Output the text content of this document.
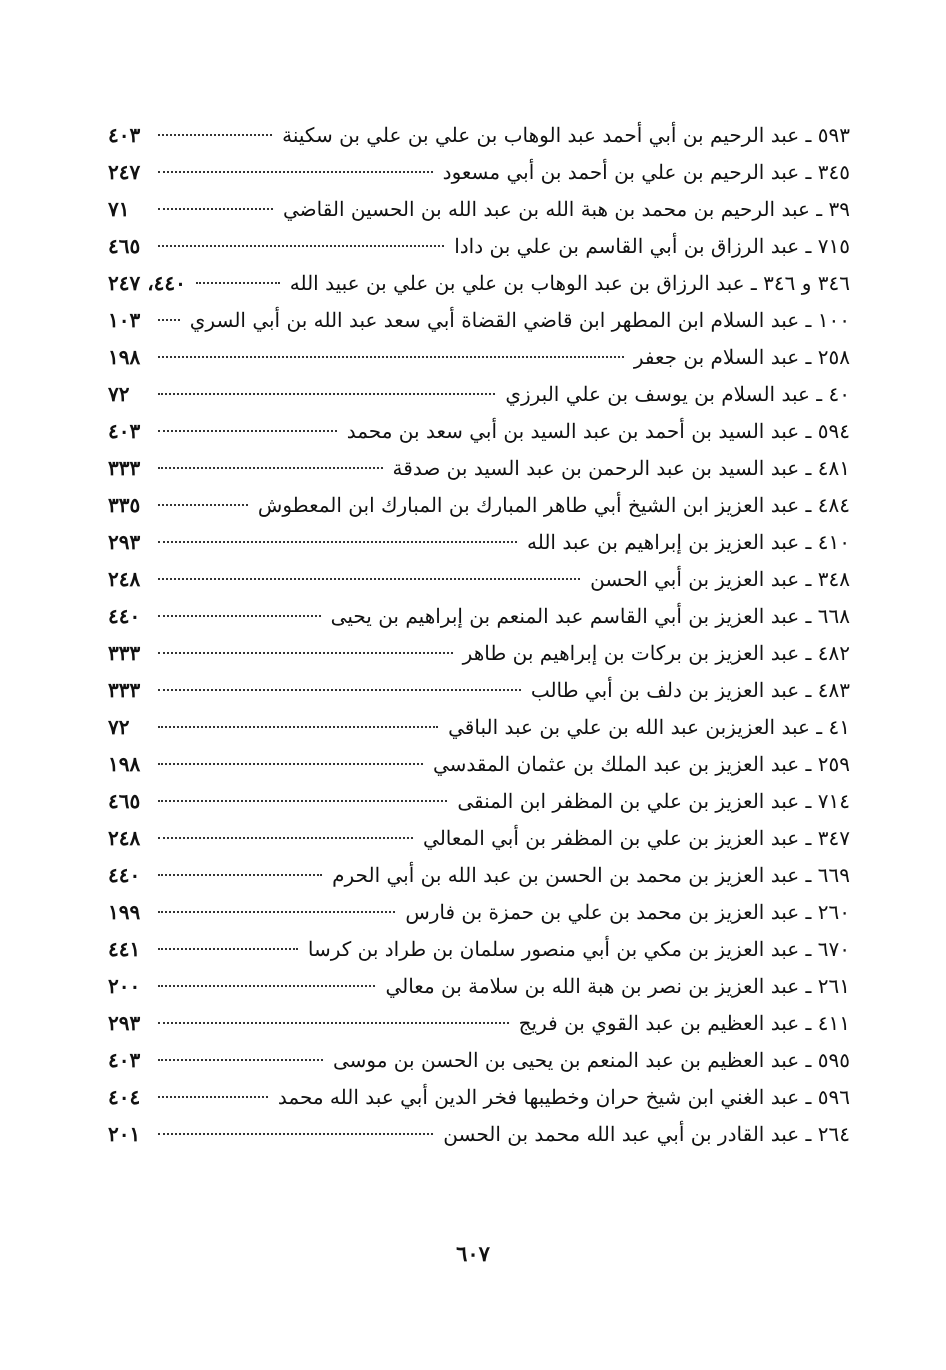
٥٩٣ ـ عبد الرحيم بن أبي أحمد عبد الوهاب بن علي بن علي بن سكينة
٤٠٣
٣٤٥ ـ عبد الرحيم بن علي بن أحمد بن أبي مسعود
٢٤٧
٣٩ ـ عبد الرحيم بن محمد بن هبة الله بن عبد الله بن الحسين القاضي
٧١
٧١٥ ـ عبد الرزاق بن أبي القاسم بن علي بن دادا
٤٦٥
٣٤٦ و ٣٤٦ ـ عبد الرزاق بن عبد الوهاب بن علي بن علي بن عبيد الله
٤٤٠، ٢٤٧
١٠٠ ـ عبد السلام ابن المطهر ابن قاضي القضاة أبي سعد عبد الله بن أبي السري
١٠٣
٢٥٨ ـ عبد السلام بن جعفر
١٩٨
٤٠ ـ عبد السلام بن يوسف بن علي البرزي
٧٢
٥٩٤ ـ عبد السيد بن أحمد بن عبد السيد بن أبي سعد بن محمد
٤٠٣
٤٨١ ـ عبد السيد بن عبد الرحمن بن عبد السيد بن صدقة
٣٣٣
٤٨٤ ـ عبد العزيز ابن الشيخ أبي طاهر المبارك بن المبارك ابن المعطوش
٣٣٥
٤١٠ ـ عبد العزيز بن إبراهيم بن عبد الله
٢٩٣
٣٤٨ ـ عبد العزيز بن أبي الحسن
٢٤٨
٦٦٨ ـ عبد العزيز بن أبي القاسم عبد المنعم بن إبراهيم بن يحيى
٤٤٠
٤٨٢ ـ عبد العزيز بن بركات بن إبراهيم بن طاهر
٣٣٣
٤٨٣ ـ عبد العزيز بن دلف بن أبي طالب
٣٣٣
٤١ ـ عبد العزيزبن عبد الله بن علي بن عبد الباقي
٧٢
٢٥٩ ـ عبد العزيز بن عبد الملك بن عثمان المقدسي
١٩٨
٧١٤ ـ عبد العزيز بن علي بن المظفر ابن المنقى
٤٦٥
٣٤٧ ـ عبد العزيز بن علي بن المظفر بن أبي المعالي
٢٤٨
٦٦٩ ـ عبد العزيز بن محمد بن الحسن بن عبد الله بن أبي الحرم
٤٤٠
٢٦٠ ـ عبد العزيز بن محمد بن علي بن حمزة بن فارس
١٩٩
٦٧٠ ـ عبد العزيز بن مكي بن أبي منصور سلمان بن طراد بن كرسا
٤٤١
٢٦١ ـ عبد العزيز بن نصر بن هبة الله بن سلامة بن معالي
٢٠٠
٤١١ ـ عبد العظيم بن عبد القوي بن فريج
٢٩٣
٥٩٥ ـ عبد العظيم بن عبد المنعم بن يحيى بن الحسن بن موسى
٤٠٣
٥٩٦ ـ عبد الغني ابن شيخ حران وخطيبها فخر الدين أبي عبد الله محمد
٤٠٤
٢٦٤ ـ عبد القادر بن أبي عبد الله محمد بن الحسن
٢٠١
٦٠٧
